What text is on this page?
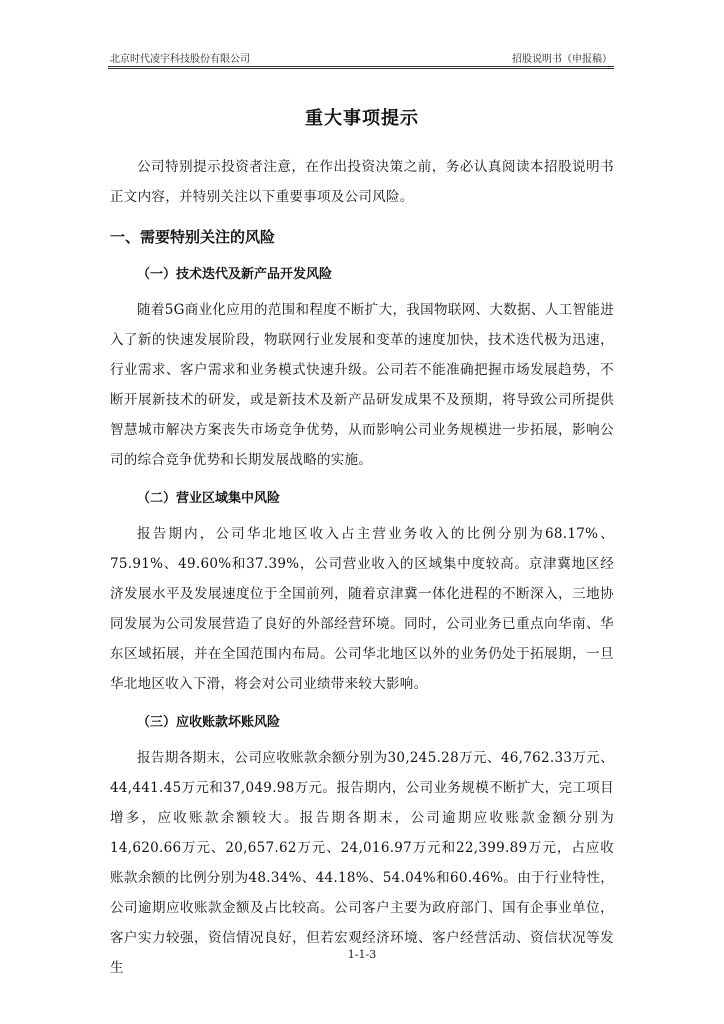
北京时代凌宇科技股份有限公司	招股说明书（申报稿）
重大事项提示

公司特别提示投资者注意，在作出投资决策之前，务必认真阅读本招股说明书正文内容，并特别关注以下重要事项及公司风险。

一、需要特别关注的风险
（一）技术迭代及新产品开发风险

随着5G商业化应用的范围和程度不断扩大，我国物联网、大数据、人工智能进入了新的快速发展阶段，物联网行业发展和变革的速度加快，技术迭代极为迅速，行业需求、客户需求和业务模式快速升级。公司若不能准确把握市场发展趋势，不断开展新技术的研发，或是新技术及新产品研发成果不及预期，将导致公司所提供智慧城市解决方案丧失市场竞争优势，从而影响公司业务规模进一步拓展，影响公司的综合竞争优势和长期发展战略的实施。

（二）营业区域集中风险

报告期内，公司华北地区收入占主营业务收入的比例分别为68.17%、75.91%、49.60%和37.39%，公司营业收入的区域集中度较高。京津冀地区经济发展水平及发展速度位于全国前列，随着京津冀一体化进程的不断深入，三地协同发展为公司发展营造了良好的外部经营环境。同时，公司业务已重点向华南、华东区域拓展，并在全国范围内布局。公司华北地区以外的业务仍处于拓展期，一旦华北地区收入下滑，将会对公司业绩带来较大影响。

（三）应收账款坏账风险

报告期各期末，公司应收账款余额分别为30,245.28万元、46,762.33万元、44,441.45万元和37,049.98万元。报告期内，公司业务规模不断扩大，完工项目增多，应收账款余额较大。报告期各期末，公司逾期应收账款金额分别为14,620.66万元、20,657.62万元、24,016.97万元和22,399.89万元，占应收账款余额的比例分别为48.34%、44.18%、54.04%和60.46%。由于行业特性，公司逾期应收账款金额及占比较高。公司客户主要为政府部门、国有企事业单位，客户实力较强，资信情况良好，但若宏观经济环境、客户经营活动、资信状况等发生

1-1-3
